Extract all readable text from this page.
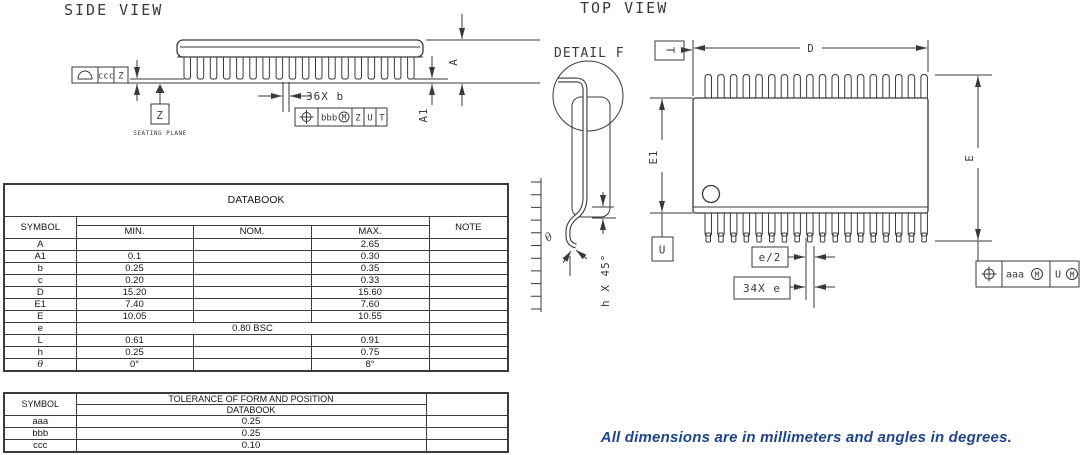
SIDE VIEW
ccc Z
Z
SEATING PLANE
36X b
bbb M Z U T
A
A1
TOP VIEW
DETAIL F
θ
h X 45°
D
T
E1
U
E
aaa M U M
e/2
34X e
DATABOOK				
SYMBOL				NOTE
	MIN.	NOM.	MAX.	
A			2.65	
A1	0.1		0.30	
b	0.25		0.35	
c	0.20		0.33	
D	15.20		15.60	
E1	7.40		7.60	
E	10.05		10.55	
e	0.80 BSC			
L	0.61		0.91	
h	0.25		0.75	
θ	0°		8°	
SYMBOL	TOLERANCE OF FORM AND POSITION	
	DATABOOK	
aaa	0.25	
bbb	0.25	
ccc	0.10		All dimensions are in millimeters and angles in degrees.
